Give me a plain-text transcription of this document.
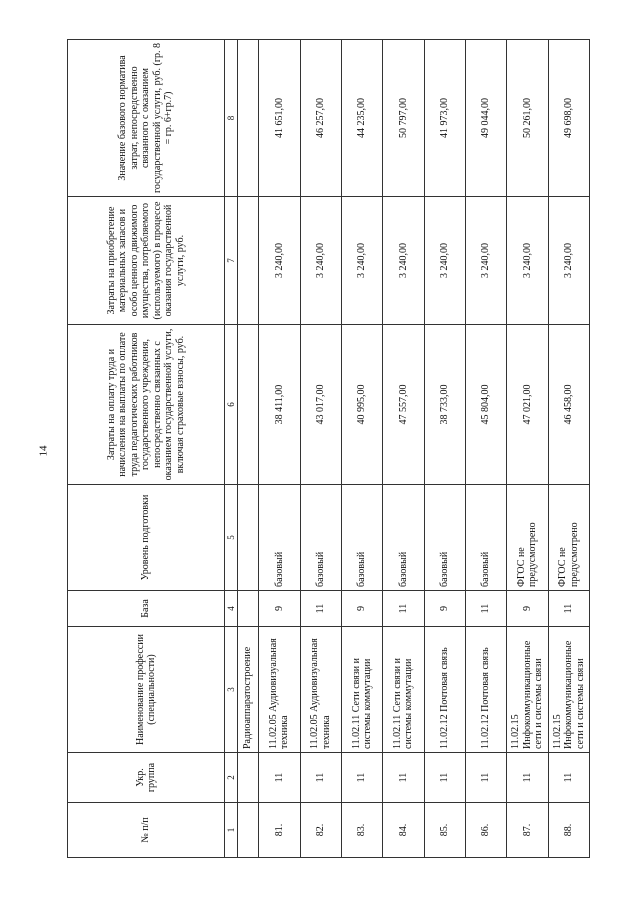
14
№ п/п	Укр. группа	Наименование профессии (специальности)	База	Уровень подготовки	Затраты на оплату труда и начисления на выплаты по оплате труда педагогических работников государственного учреждения, непосредственно связанных с оказанием государственной услуги, включая страховые взносы, руб.	Затраты на приобретение материальных запасов и особо ценного движимого имущества, потребляемого (используемого) в процессе оказания государственной услуги, руб.	Значение базового норматива затрат, непосредственно связанного с оказанием государственной услуги, руб. (гр. 8 = гр. 6+гр.7)
1	2	3	4	5	6	7	8
		Радиоаппаратостроение					
81.	11	11.02.05 Аудиовизуальная техника	9	базовый	38 411,00	3 240,00	41 651,00
82.	11	11.02.05 Аудиовизуальная техника	11	базовый	43 017,00	3 240,00	46 257,00
83.	11	11.02.11 Сети связи и системы коммутации	9	базовый	40 995,00	3 240,00	44 235,00
84.	11	11.02.11 Сети связи и системы коммутации	11	базовый	47 557,00	3 240,00	50 797,00
85.	11	11.02.12 Почтовая связь	9	базовый	38 733,00	3 240,00	41 973,00
86.	11	11.02.12 Почтовая связь	11	базовый	45 804,00	3 240,00	49 044,00
87.	11	11.02.15 Инфокоммуникационные сети и системы связи	9	ФГОС не предусмотрено	47 021,00	3 240,00	50 261,00
88.	11	11.02.15 Инфокоммуникационные сети и системы связи	11	ФГОС не предусмотрено	46 458,00	3 240,00	49 698,00
